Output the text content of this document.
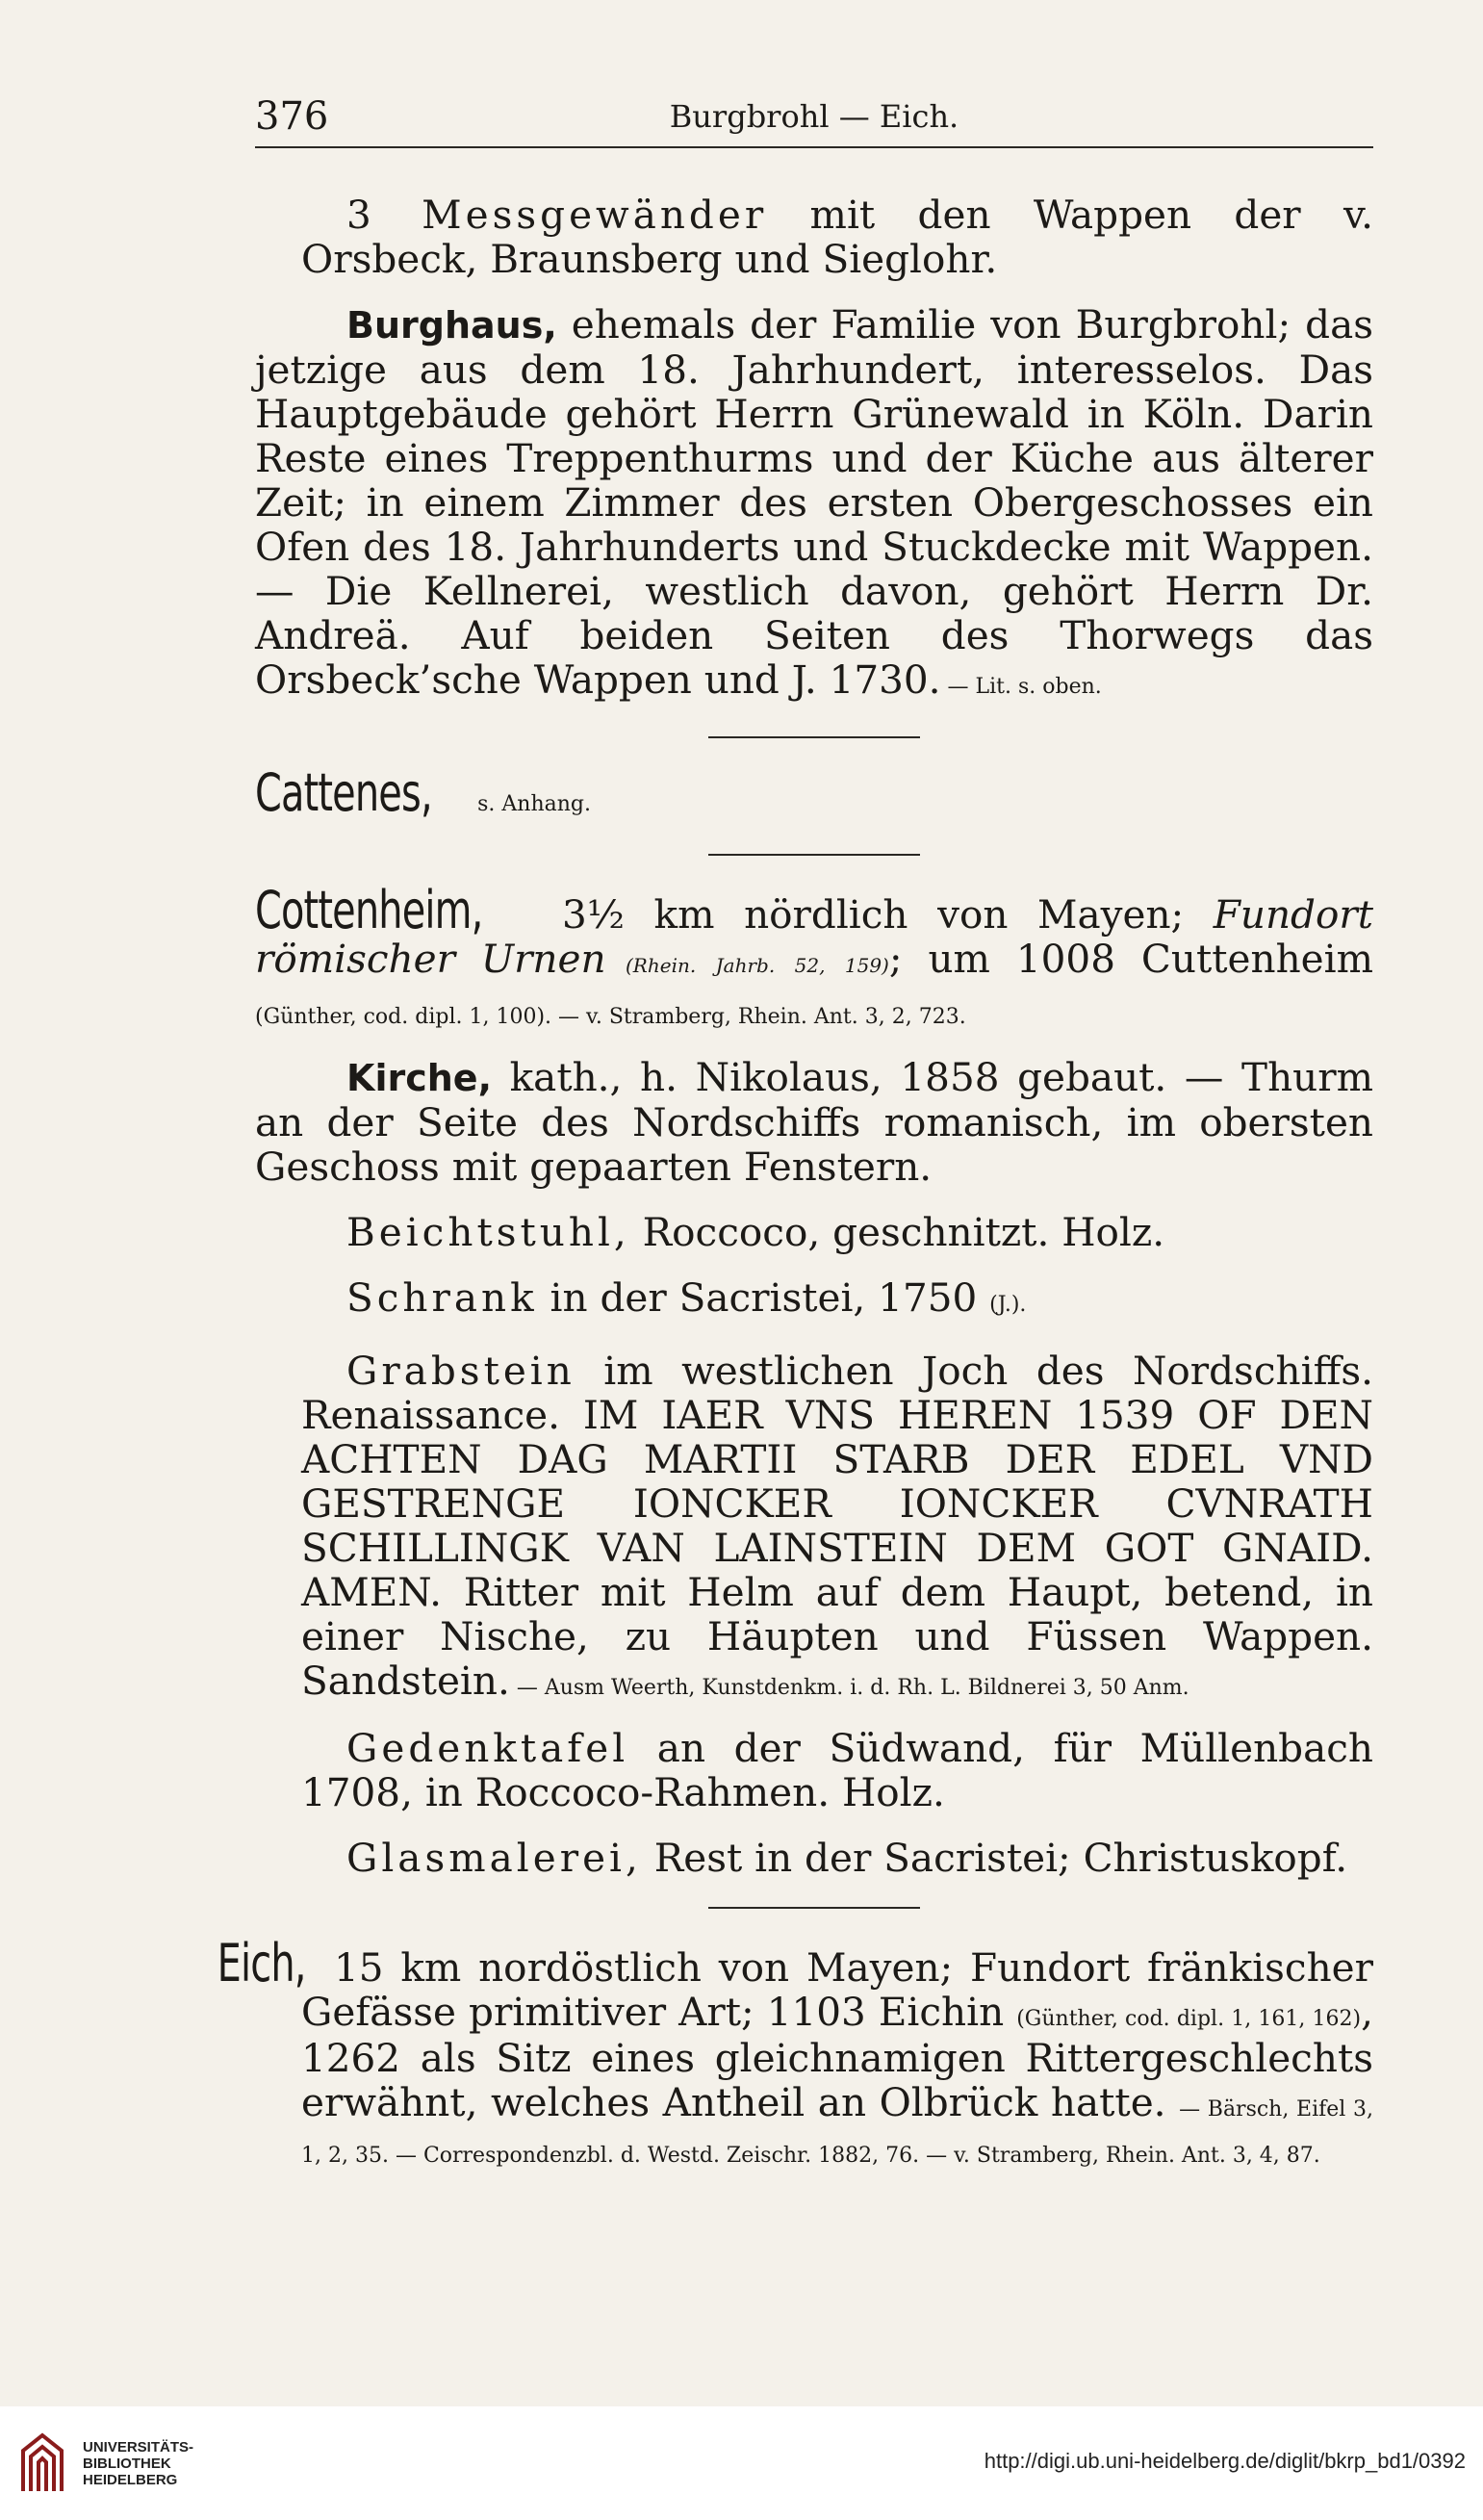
376	Burgbrohl — Eich.

3 Messgewänder mit den Wappen der v. Orsbeck, Braunsberg und Sieglohr.

Burghaus, ehemals der Familie von Burgbrohl; das jetzige aus dem 18. Jahrhundert, interesselos. Das Hauptgebäude gehört Herrn Grünewald in Köln. Darin Reste eines Treppenthurms und der Küche aus älterer Zeit; in einem Zimmer des ersten Obergeschosses ein Ofen des 18. Jahrhunderts und Stuckdecke mit Wappen. — Die Kellnerei, westlich davon, gehört Herrn Dr. Andreä. Auf beiden Seiten des Thorwegs das Orsbeck’sche Wappen und J. 1730. — Lit. s. oben.

Cattenes, s. Anhang.

Cottenheim, 3½ km nördlich von Mayen; Fundort römischer Urnen (Rhein. Jahrb. 52, 159); um 1008 Cuttenheim (Günther, cod. dipl. 1, 100). — v. Stramberg, Rhein. Ant. 3, 2, 723.

Kirche, kath., h. Nikolaus, 1858 gebaut. — Thurm an der Seite des Nordschiffs romanisch, im obersten Geschoss mit gepaarten Fenstern.

Beichtstuhl, Roccoco, geschnitzt. Holz.

Schrank in der Sacristei, 1750 (J.).

Grabstein im westlichen Joch des Nordschiffs. Renaissance. IM IAER VNS HEREN 1539 OF DEN ACHTEN DAG MARTII STARB DER EDEL VND GESTRENGE IONCKER IONCKER CVNRATH SCHILLINGK VAN LAINSTEIN DEM GOT GNAID. AMEN. Ritter mit Helm auf dem Haupt, betend, in einer Nische, zu Häupten und Füssen Wappen. Sandstein. — Ausm Weerth, Kunstdenkm. i. d. Rh. L. Bildnerei 3, 50 Anm.

Gedenktafel an der Südwand, für Müllenbach 1708, in Roccoco-Rahmen. Holz.

Glasmalerei, Rest in der Sacristei; Christuskopf.

Eich, 15 km nordöstlich von Mayen; Fundort fränkischer Gefässe primitiver Art; 1103 Eichin (Günther, cod. dipl. 1, 161, 162), 1262 als Sitz eines gleichnamigen Rittergeschlechts erwähnt, welches Antheil an Olbrück hatte. — Bärsch, Eifel 3, 1, 2, 35. — Correspondenzbl. d. Westd. Zeischr. 1882, 76. — v. Stramberg, Rhein. Ant. 3, 4, 87.

UNIVERSITÄTS-
BIBLIOTHEK
HEIDELBERG
http://digi.ub.uni-heidelberg.de/diglit/bkrp_bd1/0392
